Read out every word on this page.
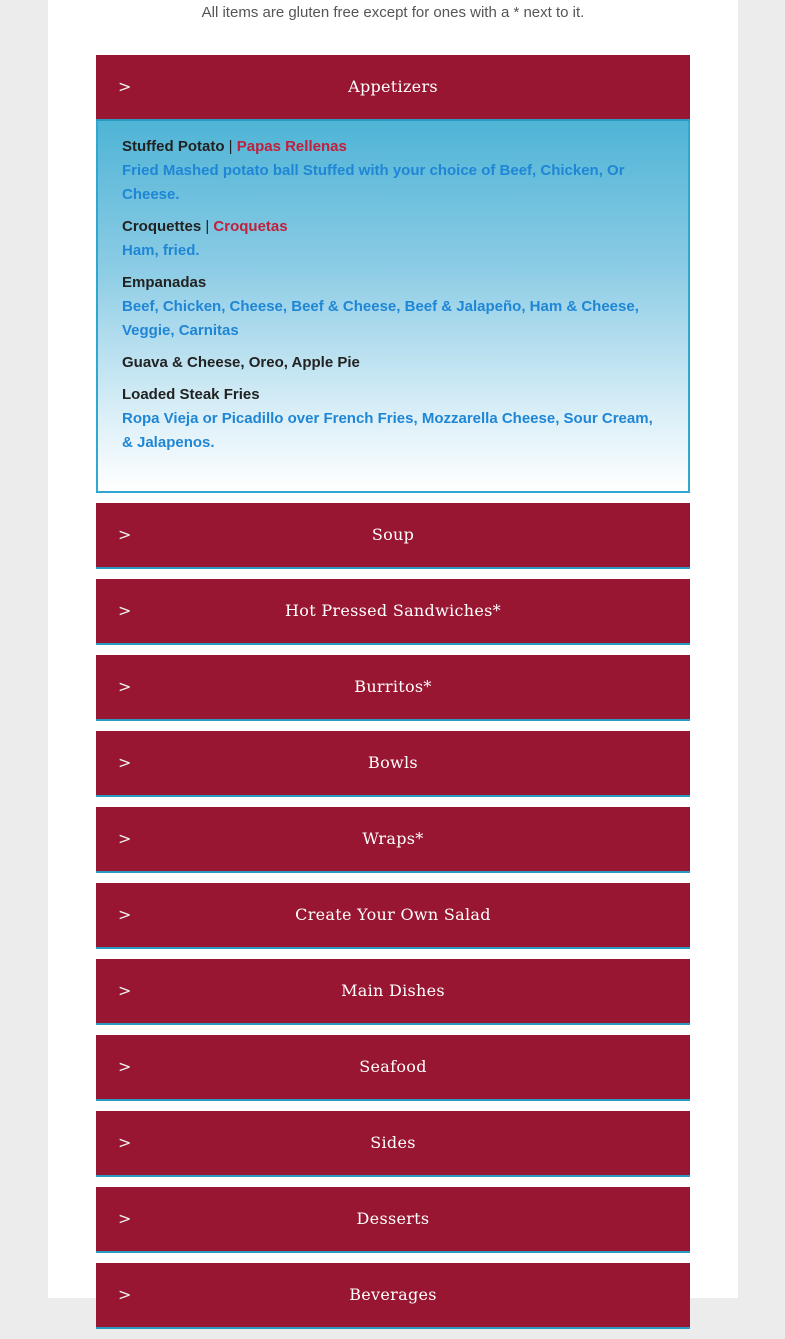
All items are gluten free except for ones with a * next to it.
>	Appetizers
Stuffed Potato | Papas Rellenas
Fried Mashed potato ball Stuffed with your choice of Beef, Chicken, Or Cheese.
Croquettes | Croquetas
Ham, fried.
Empanadas
Beef, Chicken, Cheese, Beef & Cheese, Beef & Jalapeño, Ham & Cheese, Veggie, Carnitas
Guava & Cheese, Oreo, Apple Pie
Loaded Steak Fries
Ropa Vieja or Picadillo over French Fries, Mozzarella Cheese, Sour Cream, & Jalapenos.
>	Soup
>	Hot Pressed Sandwiches*
>	Burritos*
>	Bowls
>	Wraps*
>	Create Your Own Salad
>	Main Dishes
>	Seafood
>	Sides
>	Desserts
>	Beverages
